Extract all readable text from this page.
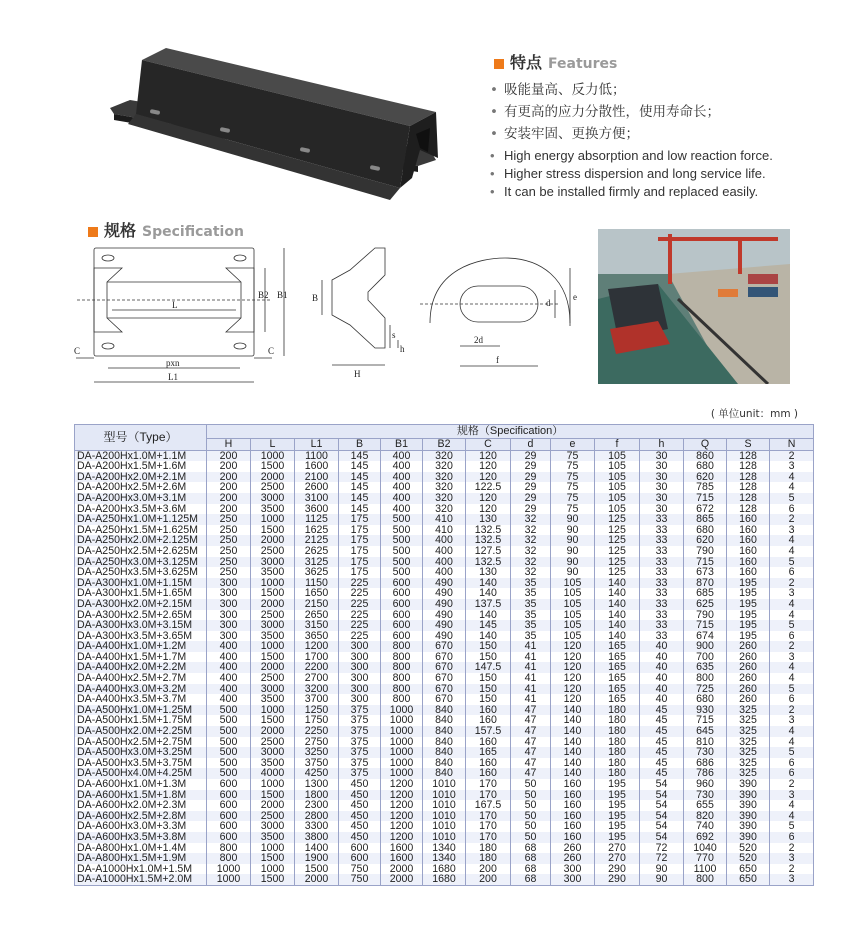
特点 Features
• 吸能量高、反力低；
• 有更高的应力分散性，使用寿命长；
• 安装牢固、更换方便；
• High energy absorption and low reaction force.
• Higher stress dispersion and long service life.
• It can be installed firmly and replaced easily.
规格 Specification
L
pxn
L1
B2 B1
C	C
B
s
h
H
d
e
2d
f
( 单位unit：mm )
型号（Type）	规格（Specification）													
	H	L	L1	B	B1	B2	C	d	e	f	h	Q	S	N
DA-A200Hx1.0M+1.1M	200	1000	1100	145	400	320	120	29	75	105	30	860	128	2
DA-A200Hx1.5M+1.6M	200	1500	1600	145	400	320	120	29	75	105	30	680	128	3
DA-A200Hx2.0M+2.1M	200	2000	2100	145	400	320	120	29	75	105	30	620	128	4
DA-A200Hx2.5M+2.6M	200	2500	2600	145	400	320	122.5	29	75	105	30	785	128	4
DA-A200Hx3.0M+3.1M	200	3000	3100	145	400	320	120	29	75	105	30	715	128	5
DA-A200Hx3.5M+3.6M	200	3500	3600	145	400	320	120	29	75	105	30	672	128	6
DA-A250Hx1.0M+1.125M	250	1000	1125	175	500	410	130	32	90	125	33	865	160	2
DA-A250Hx1.5M+1.625M	250	1500	1625	175	500	410	132.5	32	90	125	33	680	160	3
DA-A250Hx2.0M+2.125M	250	2000	2125	175	500	400	132.5	32	90	125	33	620	160	4
DA-A250Hx2.5M+2.625M	250	2500	2625	175	500	400	127.5	32	90	125	33	790	160	4
DA-A250Hx3.0M+3.125M	250	3000	3125	175	500	400	132.5	32	90	125	33	715	160	5
DA-A250Hx3.5M+3.625M	250	3500	3625	175	500	400	130	32	90	125	33	673	160	6
DA-A300Hx1.0M+1.15M	300	1000	1150	225	600	490	140	35	105	140	33	870	195	2
DA-A300Hx1.5M+1.65M	300	1500	1650	225	600	490	140	35	105	140	33	685	195	3
DA-A300Hx2.0M+2.15M	300	2000	2150	225	600	490	137.5	35	105	140	33	625	195	4
DA-A300Hx2.5M+2.65M	300	2500	2650	225	600	490	140	35	105	140	33	790	195	4
DA-A300Hx3.0M+3.15M	300	3000	3150	225	600	490	145	35	105	140	33	715	195	5
DA-A300Hx3.5M+3.65M	300	3500	3650	225	600	490	140	35	105	140	33	674	195	6
DA-A400Hx1.0M+1.2M	400	1000	1200	300	800	670	150	41	120	165	40	900	260	2
DA-A400Hx1.5M+1.7M	400	1500	1700	300	800	670	150	41	120	165	40	700	260	3
DA-A400Hx2.0M+2.2M	400	2000	2200	300	800	670	147.5	41	120	165	40	635	260	4
DA-A400Hx2.5M+2.7M	400	2500	2700	300	800	670	150	41	120	165	40	800	260	4
DA-A400Hx3.0M+3.2M	400	3000	3200	300	800	670	150	41	120	165	40	725	260	5
DA-A400Hx3.5M+3.7M	400	3500	3700	300	800	670	150	41	120	165	40	680	260	6
DA-A500Hx1.0M+1.25M	500	1000	1250	375	1000	840	160	47	140	180	45	930	325	2
DA-A500Hx1.5M+1.75M	500	1500	1750	375	1000	840	160	47	140	180	45	715	325	3
DA-A500Hx2.0M+2.25M	500	2000	2250	375	1000	840	157.5	47	140	180	45	645	325	4
DA-A500Hx2.5M+2.75M	500	2500	2750	375	1000	840	160	47	140	180	45	810	325	4
DA-A500Hx3.0M+3.25M	500	3000	3250	375	1000	840	165	47	140	180	45	730	325	5
DA-A500Hx3.5M+3.75M	500	3500	3750	375	1000	840	160	47	140	180	45	686	325	6
DA-A500Hx4.0M+4.25M	500	4000	4250	375	1000	840	160	47	140	180	45	786	325	6
DA-A600Hx1.0M+1.3M	600	1000	1300	450	1200	1010	170	50	160	195	54	960	390	2
DA-A600Hx1.5M+1.8M	600	1500	1800	450	1200	1010	170	50	160	195	54	730	390	3
DA-A600Hx2.0M+2.3M	600	2000	2300	450	1200	1010	167.5	50	160	195	54	655	390	4
DA-A600Hx2.5M+2.8M	600	2500	2800	450	1200	1010	170	50	160	195	54	820	390	4
DA-A600Hx3.0M+3.3M	600	3000	3300	450	1200	1010	170	50	160	195	54	740	390	5
DA-A600Hx3.5M+3.8M	600	3500	3800	450	1200	1010	170	50	160	195	54	692	390	6
DA-A800Hx1.0M+1.4M	800	1000	1400	600	1600	1340	180	68	260	270	72	1040	520	2
DA-A800Hx1.5M+1.9M	800	1500	1900	600	1600	1340	180	68	260	270	72	770	520	3
DA-A1000Hx1.0M+1.5M	1000	1000	1500	750	2000	1680	200	68	300	290	90	1100	650	2
DA-A1000Hx1.5M+2.0M	1000	1500	2000	750	2000	1680	200	68	300	290	90	800	650	3
